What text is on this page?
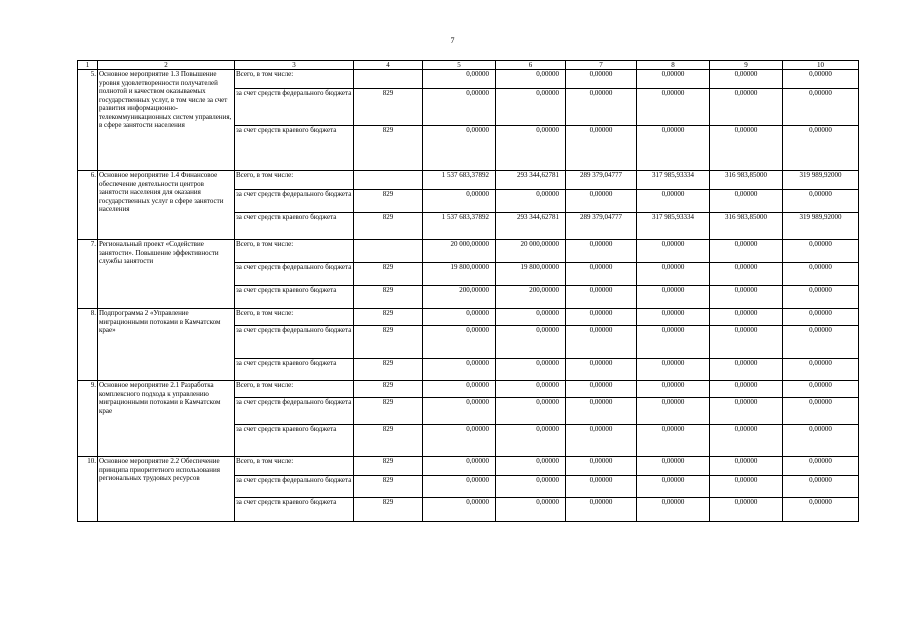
7
1	2	3	4	5	6	7	8	9	10
5.	Основное мероприятие 1.3 Повышение уровня удовлетворенности получателей полнотой и качеством оказываемых государственных услуг, в том числе за счет развития информационно-телекоммуникационных систем управления, в сфере занятости населения	Всего, в том числе:		0,00000	0,00000	0,00000	0,00000	0,00000	0,00000
		за счет средств федерального бюджета	829	0,00000	0,00000	0,00000	0,00000	0,00000	0,00000
		за счет средств краевого бюджета	829	0,00000	0,00000	0,00000	0,00000	0,00000	0,00000
6.	Основное мероприятие 1.4 Финансовое обеспечение деятельности центров занятости населения для оказания государственных услуг в сфере занятости населения	Всего, в том числе:		1 537 683,37892	293 344,62781	289 379,04777	317 985,93334	316 983,85000	319 989,92000
		за счет средств федерального бюджета	829	0,00000	0,00000	0,00000	0,00000	0,00000	0,00000
		за счет средств краевого бюджета	829	1 537 683,37892	293 344,62781	289 379,04777	317 985,93334	316 983,85000	319 989,92000
7.	Региональный проект «Содействие занятости». Повышение эффективности службы занятости	Всего, в том числе:		20 000,00000	20 000,00000	0,00000	0,00000	0,00000	0,00000
		за счет средств федерального бюджета	829	19 800,00000	19 800,00000	0,00000	0,00000	0,00000	0,00000
		за счет средств краевого бюджета	829	200,00000	200,00000	0,00000	0,00000	0,00000	0,00000
8.	Подпрограмма 2 «Управление миграционными потоками в Камчатском крае»	Всего, в том числе:	829	0,00000	0,00000	0,00000	0,00000	0,00000	0,00000
		за счет средств федерального бюджета	829	0,00000	0,00000	0,00000	0,00000	0,00000	0,00000
		за счет средств краевого бюджета	829	0,00000	0,00000	0,00000	0,00000	0,00000	0,00000
9.	Основное мероприятие 2.1 Разработка комплексного подхода к управлению миграционными потоками в Камчатском крае	Всего, в том числе:	829	0,00000	0,00000	0,00000	0,00000	0,00000	0,00000
		за счет средств федерального бюджета	829	0,00000	0,00000	0,00000	0,00000	0,00000	0,00000
		за счет средств краевого бюджета	829	0,00000	0,00000	0,00000	0,00000	0,00000	0,00000
10.	Основное мероприятие 2.2 Обеспечение принципа приоритетного использования региональных трудовых ресурсов	Всего, в том числе:	829	0,00000	0,00000	0,00000	0,00000	0,00000	0,00000
		за счет средств федерального бюджета	829	0,00000	0,00000	0,00000	0,00000	0,00000	0,00000
		за счет средств краевого бюджета	829	0,00000	0,00000	0,00000	0,00000	0,00000	0,00000
